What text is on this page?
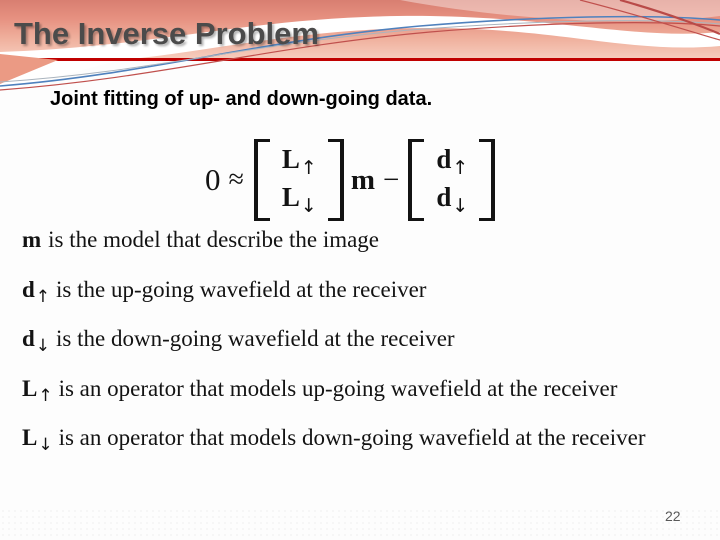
The Inverse Problem
Joint fitting of up- and down-going data.
0 ≈
$L_↑$
$L_↓$
m −
$d_↑$
$d_↓$
m is the model that describe the image
$d_↑$ is the up-going wavefield at the receiver
$d_↓$ is the down-going wavefield at the receiver
$L_↑$ is an operator that models up-going wavefield at the receiver
$L_↓$ is an operator that models down-going wavefield at the receiver
22
